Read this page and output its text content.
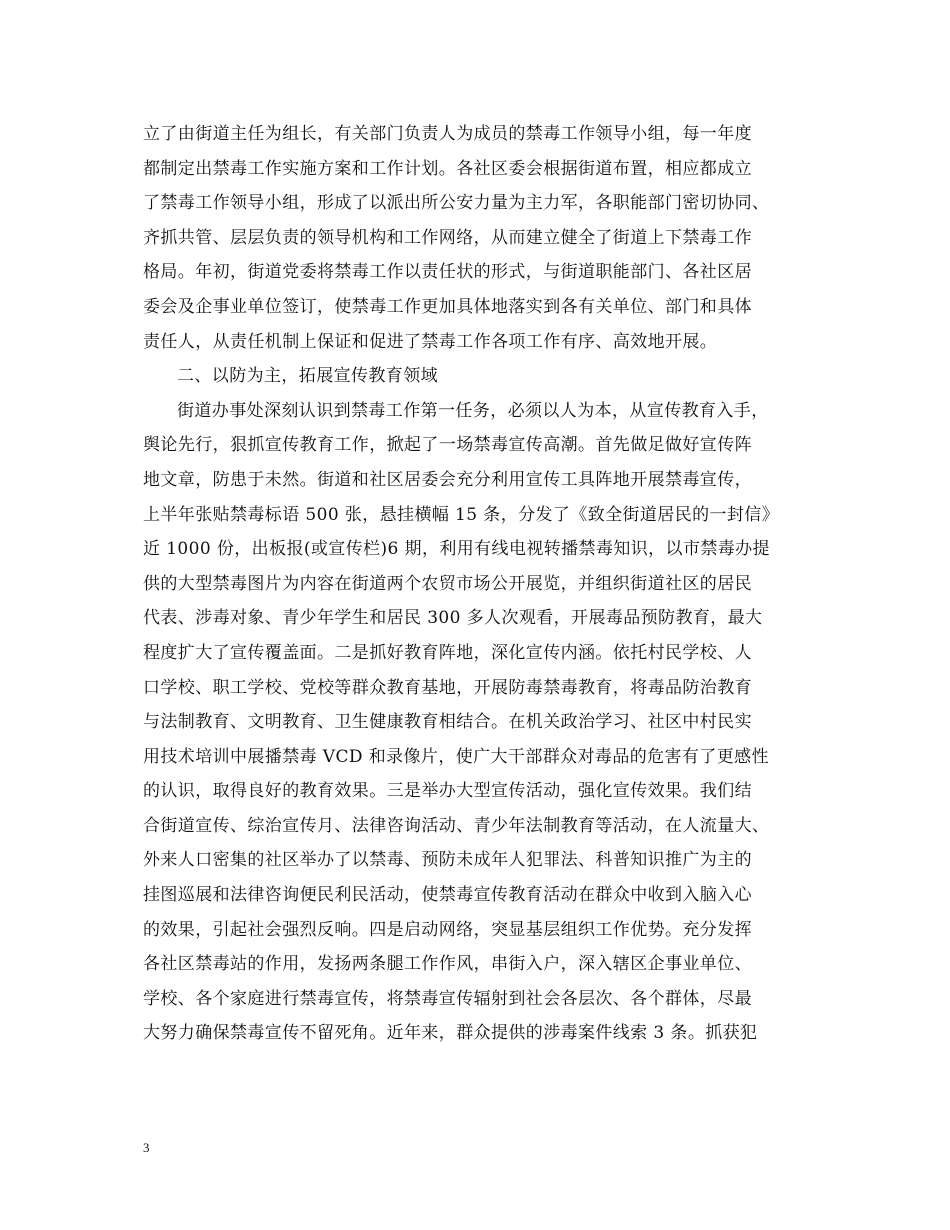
立了由街道主任为组长，有关部门负责人为成员的禁毒工作领导小组，每一年度
都制定出禁毒工作实施方案和工作计划。各社区委会根据街道布置，相应都成立
了禁毒工作领导小组，形成了以派出所公安力量为主力军，各职能部门密切协同、
齐抓共管、层层负责的领导机构和工作网络，从而建立健全了街道上下禁毒工作
格局。年初，街道党委将禁毒工作以责任状的形式，与街道职能部门、各社区居
委会及企事业单位签订，使禁毒工作更加具体地落实到各有关单位、部门和具体
责任人，从责任机制上保证和促进了禁毒工作各项工作有序、高效地开展。
二、以防为主，拓展宣传教育领域
街道办事处深刻认识到禁毒工作第一任务，必须以人为本，从宣传教育入手，
舆论先行，狠抓宣传教育工作，掀起了一场禁毒宣传高潮。首先做足做好宣传阵
地文章，防患于未然。街道和社区居委会充分利用宣传工具阵地开展禁毒宣传，
上半年张贴禁毒标语 500 张，悬挂横幅 15 条，分发了《致全街道居民的一封信》
近 1000 份，出板报(或宣传栏)6 期，利用有线电视转播禁毒知识，以市禁毒办提
供的大型禁毒图片为内容在街道两个农贸市场公开展览，并组织街道社区的居民
代表、涉毒对象、青少年学生和居民 300 多人次观看，开展毒品预防教育，最大
程度扩大了宣传覆盖面。二是抓好教育阵地，深化宣传内涵。依托村民学校、人
口学校、职工学校、党校等群众教育基地，开展防毒禁毒教育，将毒品防治教育
与法制教育、文明教育、卫生健康教育相结合。在机关政治学习、社区中村民实
用技术培训中展播禁毒 VCD 和录像片，使广大干部群众对毒品的危害有了更感性
的认识，取得良好的教育效果。三是举办大型宣传活动，强化宣传效果。我们结
合街道宣传、综治宣传月、法律咨询活动、青少年法制教育等活动，在人流量大、
外来人口密集的社区举办了以禁毒、预防未成年人犯罪法、科普知识推广为主的
挂图巡展和法律咨询便民利民活动，使禁毒宣传教育活动在群众中收到入脑入心
的效果，引起社会强烈反响。四是启动网络，突显基层组织工作优势。充分发挥
各社区禁毒站的作用，发扬两条腿工作作风，串街入户，深入辖区企事业单位、
学校、各个家庭进行禁毒宣传，将禁毒宣传辐射到社会各层次、各个群体，尽最
大努力确保禁毒宣传不留死角。近年来，群众提供的涉毒案件线索 3 条。抓获犯
3
